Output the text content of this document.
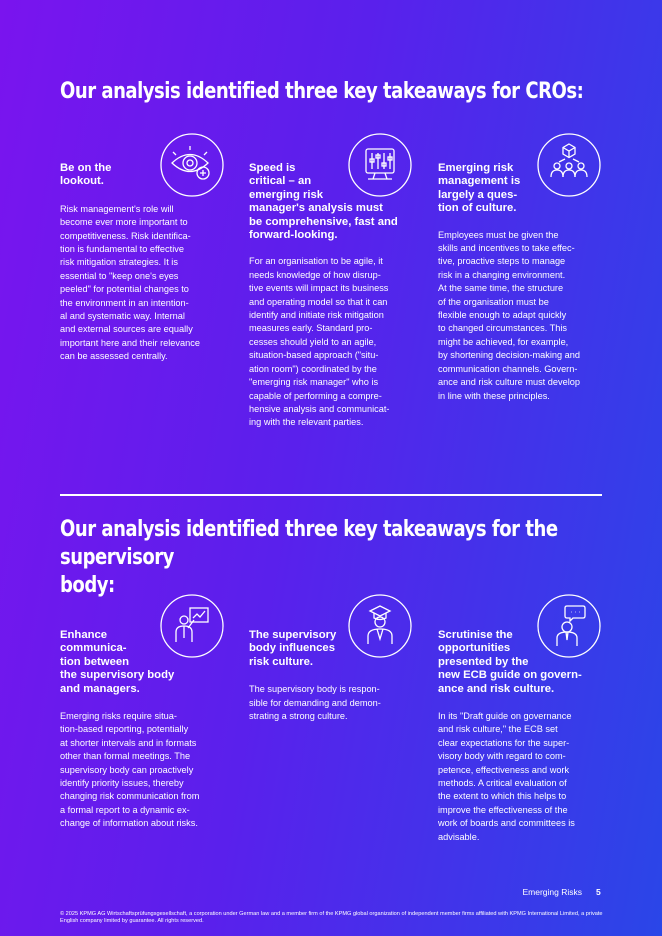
Our analysis identified three key takeaways for CROs:
Be on the
lookout.

Risk management's role will
become ever more important to
competitiveness. Risk identifica-
tion is fundamental to effective
risk mitigation strategies. It is
essential to "keep one's eyes
peeled" for potential changes to
the environment in an intention-
al and systematic way. Internal
and external sources are equally
important here and their relevance
can be assessed centrally.

Speed is
critical – an
emerging risk
manager's analysis must
be comprehensive, fast and
forward-looking.

For an organisation to be agile, it
needs knowledge of how disrup-
tive events will impact its business
and operating model so that it can
identify and initiate risk mitigation
measures early. Standard pro-
cesses should yield to an agile,
situation-based approach ("situ-
ation room") coordinated by the
"emerging risk manager" who is
capable of performing a compre-
hensive analysis and communicat-
ing with the relevant parties.

Emerging risk
management is
largely a ques-
tion of culture.

Employees must be given the
skills and incentives to take effec-
tive, proactive steps to manage
risk in a changing environment.
At the same time, the structure
of the organisation must be
flexible enough to adapt quickly
to changed circumstances. This
might be achieved, for example,
by shortening decision-making and
communication channels. Govern-
ance and risk culture must develop
in line with these principles.

Our analysis identified three key takeaways for the supervisory
body:
Enhance
communica-
tion between
the supervisory body
and managers.

Emerging risks require situa-
tion-based reporting, potentially
at shorter intervals and in formats
other than formal meetings. The
supervisory body can proactively
identify priority issues, thereby
changing risk communication from
a formal report to a dynamic ex-
change of information about risks.

The supervisory
body influences
risk culture.

The supervisory body is respon-
sible for demanding and demon-
strating a strong culture.

Scrutinise the
opportunities
presented by the
new ECB guide on govern-
ance and risk culture.

In its "Draft guide on governance
and risk culture," the ECB set
clear expectations for the super-
visory body with regard to com-
petence, effectiveness and work
methods. A critical evaluation of
the extent to which this helps to
improve the effectiveness of the
work of boards and committees is
advisable.

Emerging Risks 5
© 2025 KPMG AG Wirtschaftsprüfungsgesellschaft, a corporation under German law and a member firm of the KPMG global organization of independent member firms affiliated with KPMG International Limited, a private English company limited by guarantee. All rights reserved.
